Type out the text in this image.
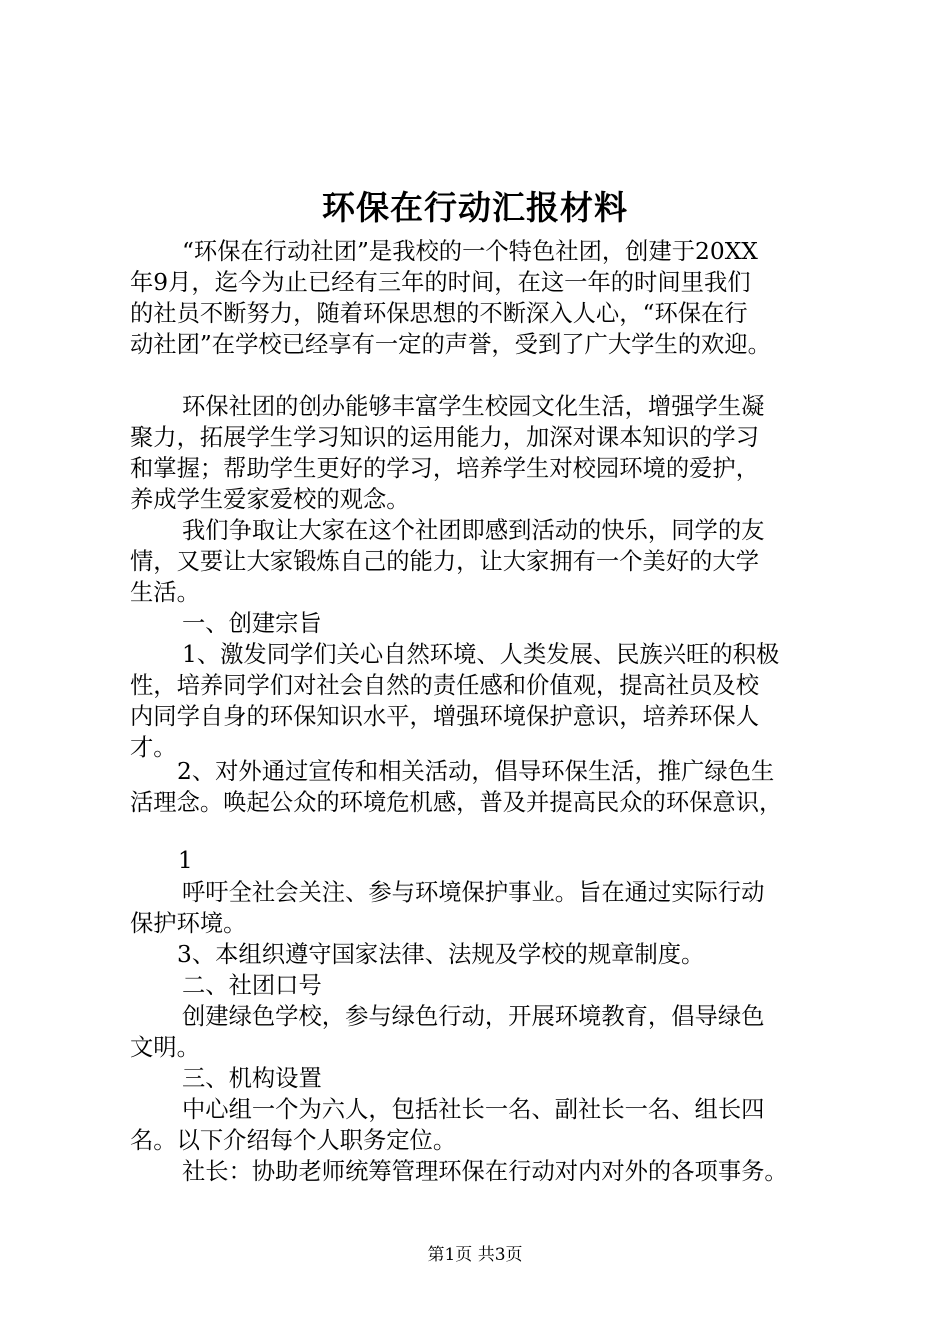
环保在行动汇报材料
“环保在行动社团”是我校的一个特色社团，创建于20XX
年9月，迄今为止已经有三年的时间，在这一年的时间里我们
的社员不断努力，随着环保思想的不断深入人心，“环保在行
动社团”在学校已经享有一定的声誉，受到了广大学生的欢迎。
环保社团的创办能够丰富学生校园文化生活，增强学生凝
聚力，拓展学生学习知识的运用能力，加深对课本知识的学习
和掌握；帮助学生更好的学习，培养学生对校园环境的爱护，
养成学生爱家爱校的观念。
我们争取让大家在这个社团即感到活动的快乐，同学的友
情，又要让大家锻炼自己的能力，让大家拥有一个美好的大学
生活。
一、创建宗旨
1、激发同学们关心自然环境、人类发展、民族兴旺的积极
性，培养同学们对社会自然的责任感和价值观，提高社员及校
内同学自身的环保知识水平，增强环境保护意识，培养环保人
才。
2、对外通过宣传和相关活动，倡导环保生活，推广绿色生
活理念。唤起公众的环境危机感，普及并提高民众的环保意识，
1
呼吁全社会关注、参与环境保护事业。旨在通过实际行动
保护环境。
3、本组织遵守国家法律、法规及学校的规章制度。
二、社团口号
创建绿色学校，参与绿色行动，开展环境教育，倡导绿色
文明。
三、机构设置
中心组一个为六人，包括社长一名、副社长一名、组长四
名。以下介绍每个人职务定位。
社长：协助老师统筹管理环保在行动对内对外的各项事务。
第1页 共3页
